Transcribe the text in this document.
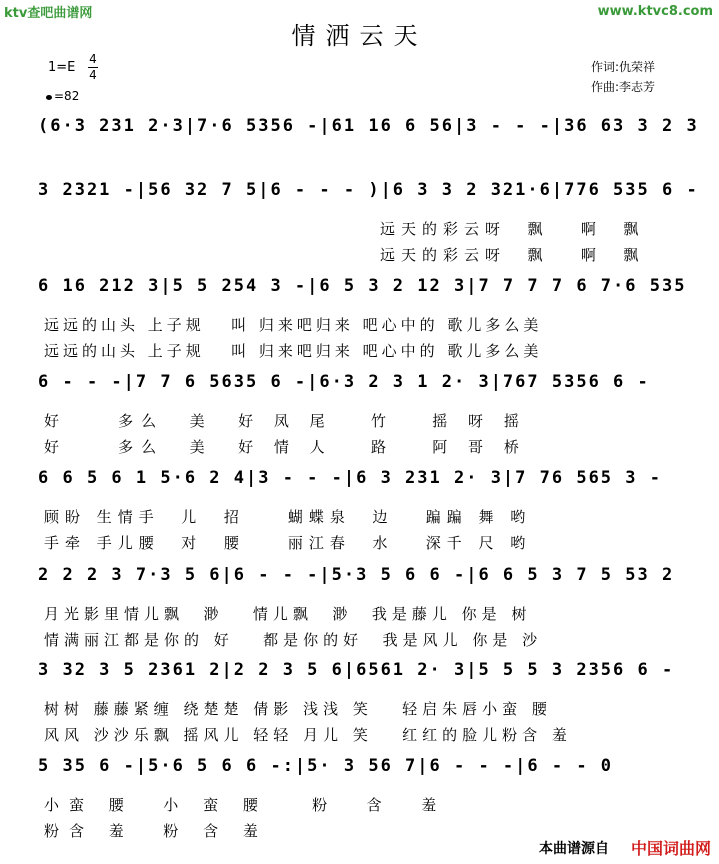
ktv查吧曲谱网	www.ktvc8.com
情洒云天
1=E
4
4
=82
作词:仇荣祥
作曲:李志芳
(6·3 231 2·3|7·6 5356 -|61 16 6 56|3 - - -|36 63 3 2 3
3 2321 -|56 32 7 5|6 - - - )|6 3 3 2 321·6|776 535 6 -
6 16 212 3|5 5 254 3 -|6 5 3 2 12 3|7 7 7 7 6 7·6 535
6 - - -|7 7 6 5635 6 -|6·3 2 3 1 2· 3|767 5356 6 -
6 6 5 6 1 5·6 2 4|3 - - -|6 3 231 2· 3|7 76 565 3 -
2 2 2 3 7·3 5 6|6 - - -|5·3 5 6 6 -|6 6 5 3 7 5 53 2
3 32 3 5 2361 2|2 2 3 5 6|6561 2· 3|5 5 5 3 2356 6 -
5 35 6 -|5·6 5 6 6 -:|5· 3 56 7|6 - - -|6 - - 0
远天的彩云呀  飘   啊  飘
远天的彩云呀  飘   啊  飘
远远的山头 上子规   叫 归来吧归来 吧心中的 歌儿多么美
远远的山头 上子规   叫 归来吧归来 吧心中的 歌儿多么美
好    多么  美  好 凤 尾   竹   摇 呀 摇
好    多么  美  好 情 人   路   阿 哥 桥
顾盼 生情手  儿  招    蝴蝶泉  边   蹁蹁 舞 哟
手牵 手儿腰  对  腰    丽江春  水   深千 尺 哟
月光影里情儿飘  渺   情儿飘  渺  我是藤儿 你是 树
情满丽江都是你的 好   都是你的好  我是风儿 你是 沙
树树 藤藤紧缠 绕楚楚 倩影 浅浅 笑   轻启朱唇小蛮 腰
风风 沙沙乐飘 摇风儿 轻轻 月儿 笑   红红的脸儿粉含 羞
小蛮 腰  小 蛮 腰   粉  含  羞
粉含 羞  粉 含 羞
本曲谱源自 中国词曲网
